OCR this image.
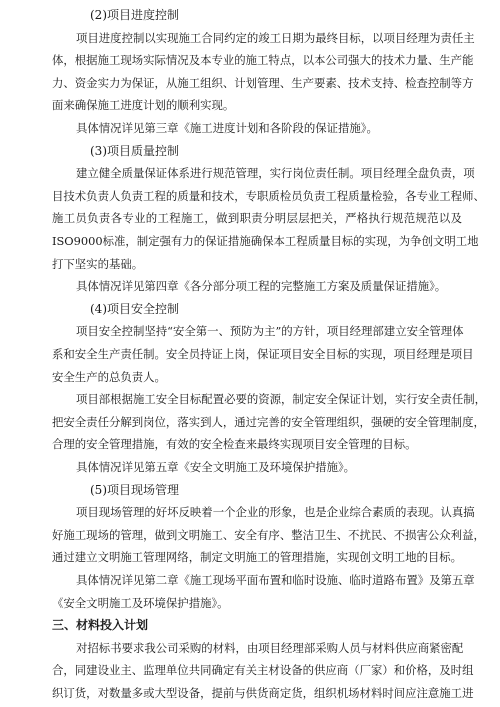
(2)项目进度控制
项目进度控制以实现施工合同约定的竣工日期为最终目标，以项目经理为责任主
体，根据施工现场实际情况及本专业的施工特点，以本公司强大的技术力量、生产能
力、资金实力为保证，从施工组织、计划管理、生产要素、技术支持、检查控制等方
面来确保施工进度计划的顺利实现。
具体情况详见第三章《施工进度计划和各阶段的保证措施》。
(3)项目质量控制
建立健全质量保证体系进行规范管理，实行岗位责任制。项目经理全盘负责，项
目技术负责人负责工程的质量和技术，专职质检员负责工程质量检验，各专业工程师、
施工员负责各专业的工程施工，做到职责分明层层把关，严格执行规范规范以及
ISO9000标准，制定强有力的保证措施确保本工程质量目标的实现，为争创文明工地
打下坚实的基础。
具体情况详见第四章《各分部分项工程的完整施工方案及质量保证措施》。
(4)项目安全控制
项目安全控制坚持“安全第一、预防为主”的方针，项目经理部建立安全管理体
系和安全生产责任制。安全员持证上岗，保证项目安全目标的实现，项目经理是项目
安全生产的总负责人。
项目部根据施工安全目标配置必要的资源，制定安全保证计划，实行安全责任制，
把安全责任分解到岗位，落实到人，通过完善的安全管理组织，强硬的安全管理制度，
合理的安全管理措施，有效的安全检查来最终实现项目安全管理的目标。
具体情况详见第五章《安全文明施工及环境保护措施》。
(5)项目现场管理
项目现场管理的好坏反映着一个企业的形象，也是企业综合素质的表现。认真搞
好施工现场的管理，做到文明施工、安全有序、整洁卫生、不扰民、不损害公众利益，
通过建立文明施工管理网络，制定文明施工的管理措施，实现创文明工地的目标。
具体情况详见第二章《施工现场平面布置和临时设施、临时道路布置》及第五章
《安全文明施工及环境保护措施》。
三、材料投入计划
对招标书要求我公司采购的材料，由项目经理部采购人员与材料供应商紧密配
合，同建设业主、监理单位共同确定有关主材设备的供应商（厂家）和价格，及时组
织订货，对数量多或大型设备，提前与供货商定货，组织机场材料时间应注意施工进
